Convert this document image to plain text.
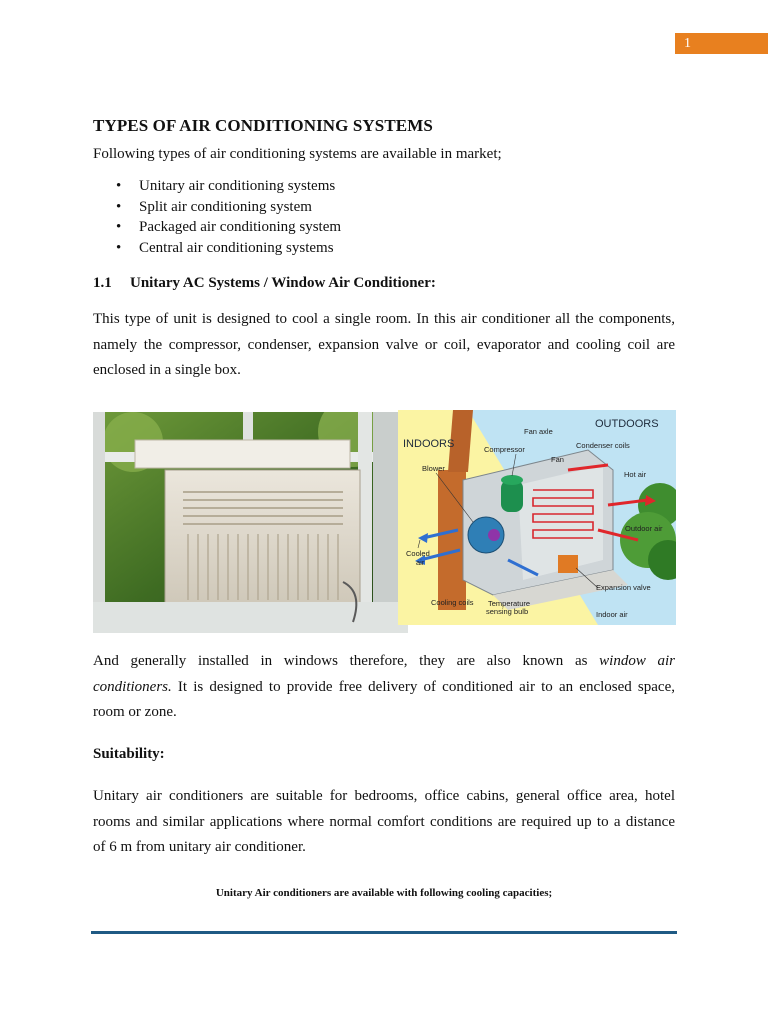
1
TYPES OF AIR CONDITIONING SYSTEMS
Following types of air conditioning systems are available in market;
• Unitary air conditioning systems
• Split air conditioning system
• Packaged air conditioning system
• Central air conditioning systems
1.1 Unitary AC Systems / Window Air Conditioner:
This type of unit is designed to cool a single room. In this air conditioner all the components,
namely the compressor, condenser, expansion valve or coil, evaporator and cooling coil are
enclosed in a single box.
And generally installed in windows therefore, they are also known as window air
conditioners. It is designed to provide free delivery of conditioned air to an enclosed space,
room or zone.
Suitability:
Unitary air conditioners are suitable for bedrooms, office cabins, general office area, hotel
rooms and similar applications where normal comfort conditions are required up to a distance
of 6 m from unitary air conditioner.
Unitary Air conditioners are available with following cooling capacities;
OUTDOORS
INDOORS
Fan axle
Compressor	Condenser coils
Fan
Blower
Hot air
Outdoor air
Cooled
air
Expansion valve
Cooling coils Temperature
sensing bulb	Indoor air
